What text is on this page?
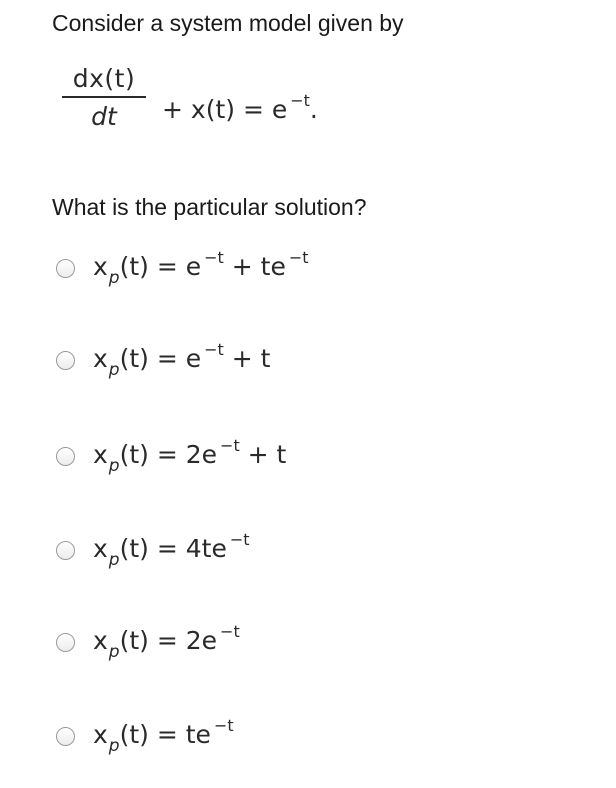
Consider a system model given by
dx(t)
dt	+ x(t) = e $^{-t}$.
What is the particular solution?
$x_p(t) = e$ $^{-t}$ + te $^{-t}$
$x_p(t) = e$ $^{-t}$ + t
$x_p(t) = 2e$ $^{-t}$ + t
$x_p(t) = 4te$ $^{-t}$
$x_p(t) = 2e$ $^{-t}$
$x_p(t)$ = te $^{-t}$
